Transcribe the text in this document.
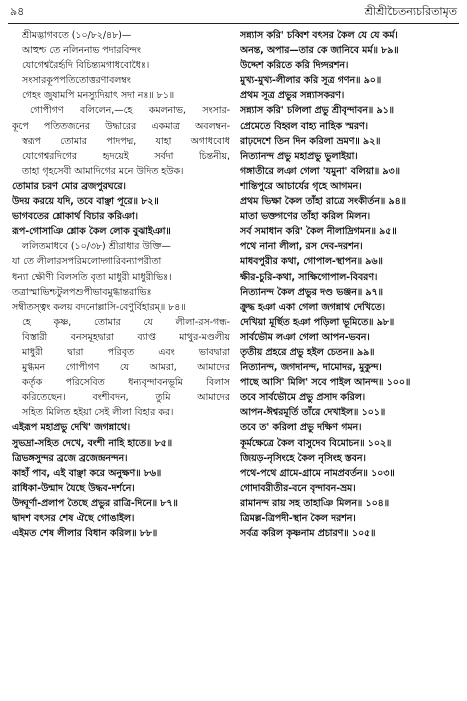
৯৪	শ্রীশ্রীচৈতন্যচরিতামৃত
শ্রীমদ্ভাগবতে (১০/৮২/৪৮)—
আহুশ্চ তে নলিননাভ পদারবিন্দং
যোগেশ্বরৈর্হৃদি বিচিন্ত্যমগাধবোধৈঃ।
সংসারকূপপতিতোত্তরণাবলম্বং
গেহং জুষামপি মনস্যুদিয়াৎ সদা নঃ॥ ৮১॥
গোপীগণ বলিলেন,—হে কমলনাভ, সংসার-
কূপে পতিতজনের উদ্ধারের একমাত্র অবলম্বন-
স্বরূপ তোমার পাদপদ্ম, যাহা অগাধবোধ
যোগেশ্বরদিগের হৃদয়েই সর্বদা চিন্তনীয়,
তাহা গৃহসেবী আমাদিগের মনে উদিত হউক।
তোমার চরণ মোর ব্রজপুরঘরে।
উদয় করয়ে যদি, তবে বাঞ্ছা পূরে॥ ৮২॥
ভাগবতের শ্লোকার্থ বিচার করিঞা।
রূপ-গোসাঞি শ্লোক কৈল লোক বুঝাইঞা॥
ললিতমাধবে (১০/৩৮) শ্রীরাধার উক্তি—
যা তে লীলারসপরিমলোদ্গারিবন্যাপরীতা
ধন্যা ক্ষৌণী বিলসতি বৃতা মাধুরী মাধুরীভিঃ।
তত্রাস্মাভিশ্চটুলপশুপীভাবমুগ্ধান্তরাভিঃ
সম্বীতস্ত্বং কলয় বদনোল্লাসি-বেণুর্বিহারম্॥ ৮৪॥
হে কৃষ্ণ, তোমার যে লীলা-রস-গন্ধ-
বিস্তারী বনসমূহদ্বারা ব্যাপ্ত মাথুর-মণ্ডলীয়
মাধুরী দ্বারা পরিবৃত এবং ভাবদ্বারা
মুগ্ধমন গোপীগণ যে আমরা, আমাদের
কর্তৃক পরিসেবিত ধন্যবৃন্দাবনভূমি বিলাস
করিতেছেন। বংশীবদন, তুমি আমাদের
সহিত মিলিত হইয়া সেই লীলা বিহার কর।
এইরূপ মহাপ্রভু দেখি' জগন্নাথে।
সুভদ্রা-সহিত দেখে, বংশী নাহি হাতে॥ ৮৫॥
ত্রিভঙ্গসুন্দর ব্রজে ব্রজেন্দ্রনন্দন।
কাহাঁ পাব, এই বাঞ্ছা করে অনুক্ষণ॥ ৮৬॥
রাধিকা-উন্মাদ যৈছে উদ্ধব-দর্শনে।
উদ্ঘূর্ণা-প্রলাপ তৈছে প্রভুর রাত্রি-দিনে॥ ৮৭॥
দ্বাদশ বৎসর শেষ ঐছে গোঙাইল।
এইমত শেষ লীলার বিধান করিল॥ ৮৮॥
সন্ন্যাস করি' চব্বিশ বৎসর কৈল যে যে কর্ম।
অনন্ত, অপার—তার কে জানিবে মর্ম॥ ৮৯॥
উদ্দেশ করিতে করি দিগ্দরশন।
মুখ্য-মুখ্য-লীলার করি সূত্র গণন॥ ৯০॥
প্রথম সূত্র প্রভুর সন্ন্যাসকরণ।
সন্ন্যাস করি' চলিলা প্রভু শ্রীবৃন্দাবন॥ ৯১॥
প্রেমেতে বিহ্বল বাহ্য নাহিক স্মরণ।
রাঢ়দেশে তিন দিন করিলা ভ্রমণ॥ ৯২॥
নিত্যানন্দ প্রভু মহাপ্রভু ভুলাইয়া।
গঙ্গাতীরে লঞা গেলা 'যমুনা' বলিয়া॥ ৯৩॥
শান্তিপুরে আচার্যের গৃহে আগমন।
প্রথম ভিক্ষা কৈল তাঁহা রাত্রে সংকীর্তন॥ ৯৪॥
মাতা ভক্তগণের তাঁহা করিল মিলন।
সর্ব সমাধান করি' কৈল নীলাদ্রিগমন॥ ৯৫॥
পথে নানা লীলা, রস দেব-দরশন।
মাধবপুরীর কথা, গোপাল-স্থাপন॥ ৯৬॥
ক্ষীর-চুরি-কথা, সাক্ষিগোপাল-বিবরণ।
নিত্যানন্দ কৈল প্রভুর দণ্ড ভঞ্জন॥ ৯৭॥
ক্রুদ্ধ হঞা একা গেলা জগন্নাথ দেখিতে।
দেখিয়া মূর্ছিত হঞা পড়িলা ভূমিতে॥ ৯৮॥
সার্বভৌম লঞা গেলা আপন-ভবন।
তৃতীয় প্রহরে প্রভু হইল চেতন॥ ৯৯॥
নিত্যানন্দ, জগদানন্দ, দামোদর, মুকুন্দ।
পাছে আসি' মিলি' সবে পাইল আনন্দ॥ ১০০॥
তবে সার্বভৌমে প্রভু প্রসাদ করিল।
আপন-ঈশ্বরমূর্তি তাঁরে দেখাইল॥ ১০১॥
তবে ত' করিলা প্রভু দক্ষিণ গমন।
কূর্মক্ষেত্রে কৈল বাসুদেব বিমোচন॥ ১০২॥
জিয়ড়-নৃসিংহে কৈল নৃসিংহ স্তবন।
পথে-পথে গ্রামে-গ্রামে নামপ্রবর্তন॥ ১০৩॥
গোদাবরীতীর-বনে বৃন্দাবন-ভ্রম।
রামানন্দ রায় সহ তাহাঞি মিলন॥ ১০৪॥
ত্রিমল্ল-ত্রিপদী-স্থান কৈল দরশন।
সর্বত্র করিল কৃষ্ণনাম প্রচারণ॥ ১০৫॥
